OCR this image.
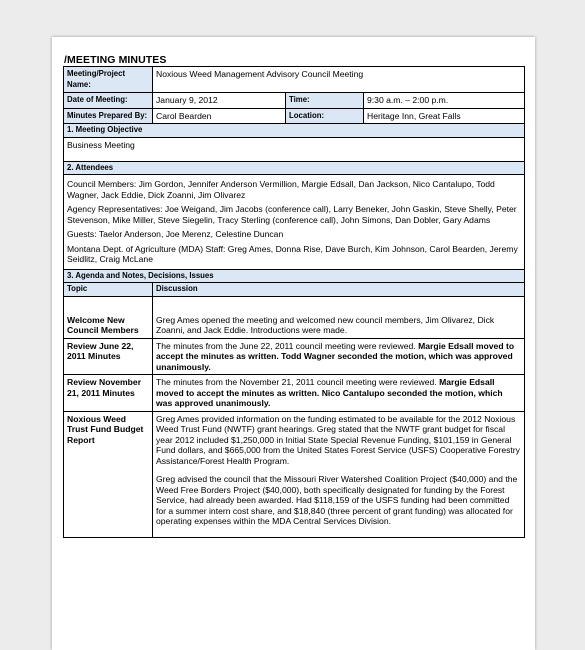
/MEETING MINUTES
Meeting/Project Name:	Noxious Weed Management Advisory Council Meeting		
Date of Meeting:	January 9, 2012	Time:	9:30 a.m. – 2:00 p.m.
Minutes Prepared By:	Carol Bearden	Location:	Heritage Inn, Great Falls
1. Meeting Objective			
Business Meeting			
2. Attendees			

Council Members: Jim Gordon, Jennifer Anderson Vermillion, Margie Edsall, Dan Jackson, Nico Cantalupo, Todd Wagner, Jack Eddie, Dick Zoanni, Jim Olivarez

Agency Representatives: Joe Weigand, Jim Jacobs (conference call), Larry Beneker, John Gaskin, Steve Shelly, Peter Stevenson, Mike Miller, Steve Siegelin, Tracy Sterling (conference call), John Simons, Dan Dobler, Gary Adams

Guests: Taelor Anderson, Joe Merenz, Celestine Duncan

Montana Dept. of Agriculture (MDA) Staff: Greg Ames, Donna Rise, Dave Burch, Kim Johnson, Carol Bearden, Jeremy Seidlitz, Craig McLane			

3. Agenda and Notes, Decisions, Issues			
Topic	Discussion		
Welcome New Council Members	Greg Ames opened the meeting and welcomed new council members, Jim Olivarez, Dick Zoanni, and Jack Eddie. Introductions were made.		
Review June 22, 2011 Minutes	The minutes from the June 22, 2011 council meeting were reviewed. Margie Edsall moved to accept the minutes as written. Todd Wagner seconded the motion, which was approved unanimously.		
Review November 21, 2011 Minutes	The minutes from the November 21, 2011 council meeting were reviewed. Margie Edsall moved to accept the minutes as written. Nico Cantalupo seconded the motion, which was approved unanimously.		
Noxious Weed Trust Fund Budget Report	Greg Ames provided information on the funding estimated to be available for the 2012 Noxious Weed Trust Fund (NWTF) grant hearings. Greg stated that the NWTF grant budget for fiscal year 2012 included $1,250,000 in Initial State Special Revenue Funding, $101,159 in General Fund dollars, and $665,000 from the United States Forest Service (USFS) Cooperative Forestry Assistance/Forest Health Program.

Greg advised the council that the Missouri River Watershed Coalition Project ($40,000) and the Weed Free Borders Project ($40,000), both specifically designated for funding by the Forest Service, had already been awarded. Had $118,159 of the USFS funding had been committed for a summer intern cost share, and $18,840 (three percent of grant funding) was allocated for operating expenses within the MDA Central Services Division.		
